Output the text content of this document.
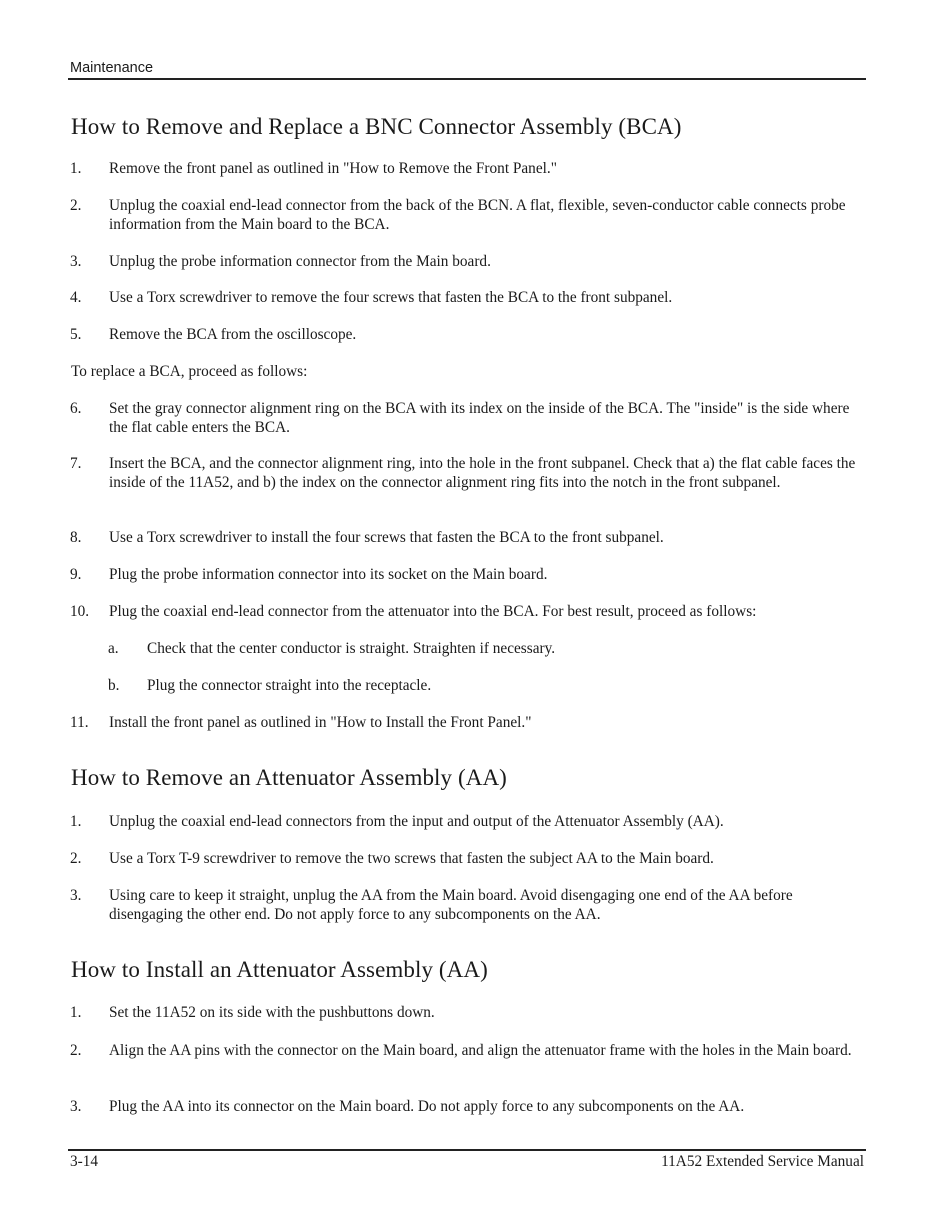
Maintenance
How to Remove and Replace a BNC Connector Assembly (BCA)
1. Remove the front panel as outlined in "How to Remove the Front Panel."
2. Unplug the coaxial end-lead connector from the back of the BCN. A flat, flexible, seven-conductor cable connects probe information from the Main board to the BCA.
3. Unplug the probe information connector from the Main board.
4. Use a Torx screwdriver to remove the four screws that fasten the BCA to the front subpanel.
5. Remove the BCA from the oscilloscope.
To replace a BCA, proceed as follows:
6. Set the gray connector alignment ring on the BCA with its index on the inside of the BCA. The "inside" is the side where the flat cable enters the BCA.
7. Insert the BCA, and the connector alignment ring, into the hole in the front subpanel. Check that a) the flat cable faces the inside of the 11A52, and b) the index on the connector alignment ring fits into the notch in the front subpanel.
8. Use a Torx screwdriver to install the four screws that fasten the BCA to the front subpanel.
9. Plug the probe information connector into its socket on the Main board.
10. Plug the coaxial end-lead connector from the attenuator into the BCA. For best result, proceed as follows:
a. Check that the center conductor is straight. Straighten if necessary.
b. Plug the connector straight into the receptacle.
11. Install the front panel as outlined in "How to Install the Front Panel."
How to Remove an Attenuator Assembly (AA)
1. Unplug the coaxial end-lead connectors from the input and output of the Attenuator Assembly (AA).
2. Use a Torx T-9 screwdriver to remove the two screws that fasten the subject AA to the Main board.
3. Using care to keep it straight, unplug the AA from the Main board. Avoid disengaging one end of the AA before disengaging the other end. Do not apply force to any subcomponents on the AA.
How to Install an Attenuator Assembly (AA)
1. Set the 11A52 on its side with the pushbuttons down.
2. Align the AA pins with the connector on the Main board, and align the attenuator frame with the holes in the Main board.
3. Plug the AA into its connector on the Main board. Do not apply force to any subcomponents on the AA.
3-14	11A52 Extended Service Manual
